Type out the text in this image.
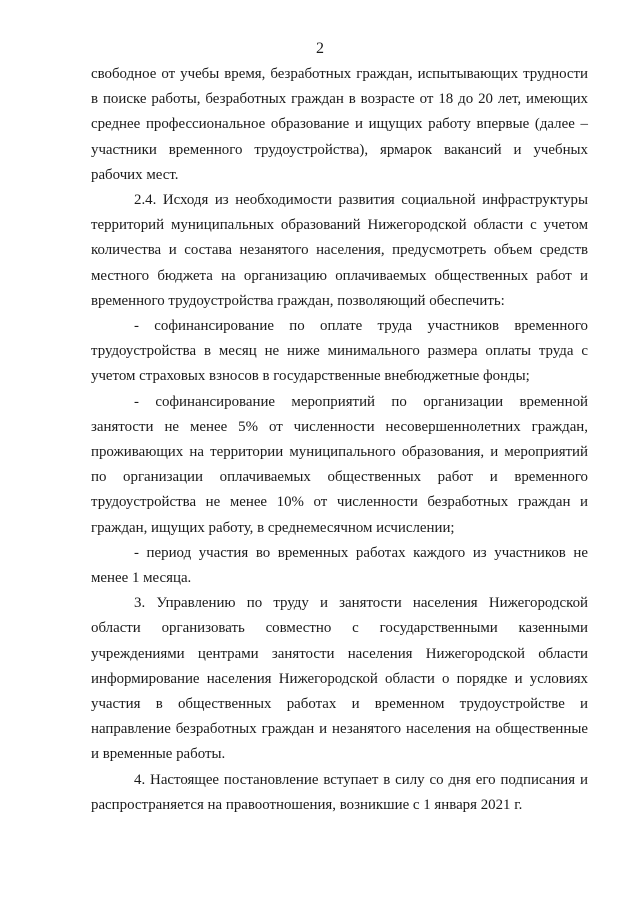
2

свободное от учебы время, безработных граждан, испытывающих трудности в поиске работы, безработных граждан в возрасте от 18 до 20 лет, имеющих среднее профессиональное образование и ищущих работу впервые (далее – участники временного трудоустройства), ярмарок вакансий и учебных рабочих мест.

2.4. Исходя из необходимости развития социальной инфраструктуры территорий муниципальных образований Нижегородской области с учетом количества и состава незанятого населения, предусмотреть объем средств местного бюджета на организацию оплачиваемых общественных работ и временного трудоустройства граждан, позволяющий обеспечить:

- софинансирование по оплате труда участников временного трудоустройства в месяц не ниже минимального размера оплаты труда с учетом страховых взносов в государственные внебюджетные фонды;

- софинансирование мероприятий по организации временной занятости не менее 5% от численности несовершеннолетних граждан, проживающих на территории муниципального образования, и мероприятий по организации оплачиваемых общественных работ и временного трудоустройства не менее 10% от численности безработных граждан и граждан, ищущих работу, в среднемесячном исчислении;

- период участия во временных работах каждого из участников не менее 1 месяца.

3. Управлению по труду и занятости населения Нижегородской области организовать совместно с государственными казенными учреждениями центрами занятости населения Нижегородской области информирование населения Нижегородской области о порядке и условиях участия в общественных работах и временном трудоустройстве и направление безработных граждан и незанятого населения на общественные и временные работы.

4. Настоящее постановление вступает в силу со дня его подписания и распространяется на правоотношения, возникшие с 1 января 2021 г.
